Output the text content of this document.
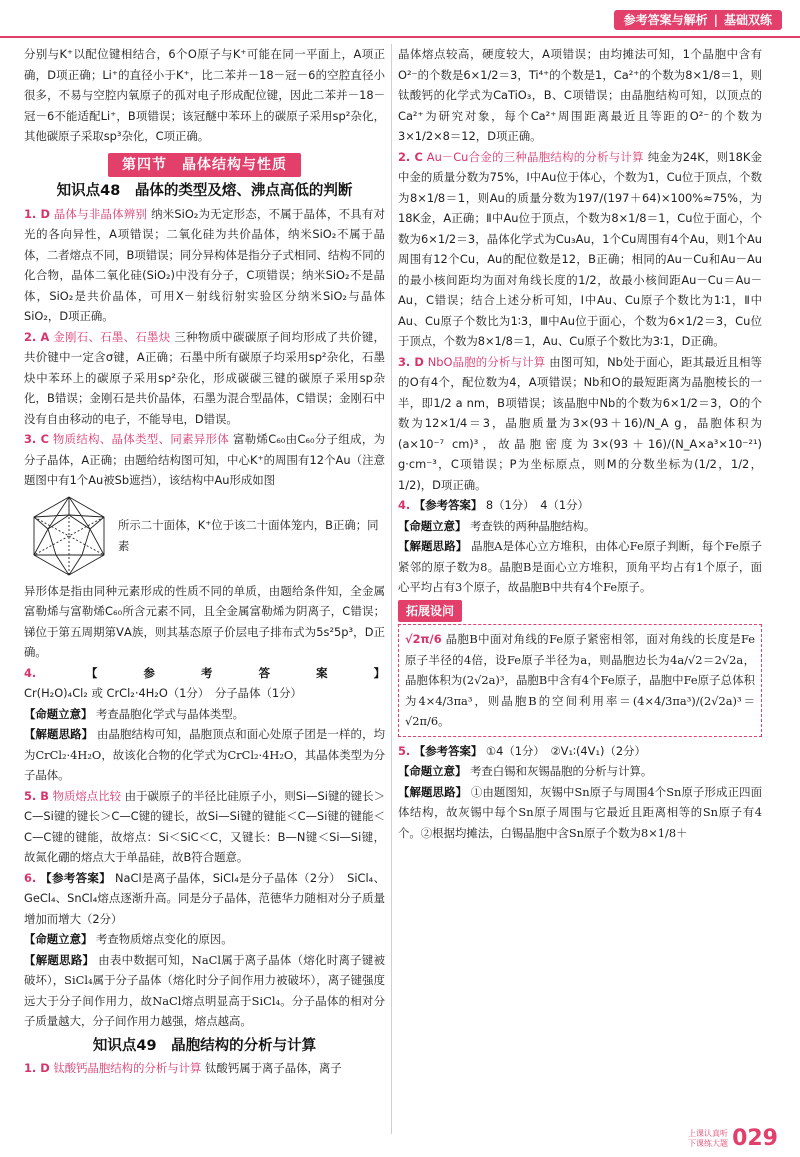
参考答案与解析 | 基础双练

分别与K⁺以配位键相结合，6个O原子与K⁺可能在同一平面上，A项正确，D项正确；Li⁺的直径小于K⁺，比二苯并－18－冠－6的空腔直径小很多，不易与空腔内氧原子的孤对电子形成配位键，因此二苯并－18－冠－6不能适配Li⁺，B项错误；该冠醚中苯环上的碳原子采用sp²杂化，其他碳原子采取sp³杂化，C项正确。

第四节　晶体结构与性质
知识点48　晶体的类型及熔、沸点高低的判断

1. D 晶体与非晶体辨别 纳米SiO₂为无定形态，不属于晶体，不具有对光的各向异性，A项错误；二氧化硅为共价晶体，纳米SiO₂不属于晶体，二者熔点不同，B项错误；同分异构体是指分子式相同、结构不同的化合物，晶体二氧化硅(SiO₂)中没有分子，C项错误；纳米SiO₂不是晶体，SiO₂是共价晶体，可用X－射线衍射实验区分纳米SiO₂与晶体SiO₂，D项正确。

2. A 金刚石、石墨、石墨炔 三种物质中碳碳原子间均形成了共价键，共价键中一定含σ键，A正确；石墨中所有碳原子均采用sp²杂化，石墨炔中苯环上的碳原子采用sp²杂化，形成碳碳三键的碳原子采用sp杂化，B错误；金刚石是共价晶体，石墨为混合型晶体，C错误；金刚石中没有自由移动的电子，不能导电，D错误。

3. C 物质结构、晶体类型、同素异形体 富勒烯C₆₀由C₆₀分子组成，为分子晶体，A正确；由题给结构图可知，中心K⁺的周围有12个Au（注意题图中有1个Au被Sb遮挡），该结构中Au形成如图

所示二十面体，K⁺位于该二十面体笼内，B正确；同素

异形体是指由同种元素形成的性质不同的单质，由题给条件知，全金属富勒烯与富勒烯C₆₀所含元素不同，且全金属富勒烯为阴离子，C错误；锑位于第五周期第ⅤA族，则其基态原子价层电子排布式为5s²5p³，D正确。

4.	【参考答案】 Cr(H₂O)₄Cl₂ 或 CrCl₂·4H₂O（1分）　分子晶体（1分）

【命题立意】 考查晶胞化学式与晶体类型。

【解题思路】 由晶胞结构可知，晶胞顶点和面心处原子团是一样的，均为CrCl₂·4H₂O，故该化合物的化学式为CrCl₂·4H₂O，其晶体类型为分子晶体。

5. B 物质熔点比较 由于碳原子的半径比硅原子小，则Si—Si键的键长＞C—Si键的键长＞C—C键的键长，故Si—Si键的键能＜C—Si键的键能＜C—C键的键能，故熔点：Si＜SiC＜C，又键长：B—N键＜Si—Si键，故氮化硼的熔点大于单晶硅，故B符合题意。

6. 【参考答案】 NaCl是离子晶体，SiCl₄是分子晶体（2分）　SiCl₄、GeCl₄、SnCl₄熔点逐渐升高。同是分子晶体，范德华力随相对分子质量增加而增大（2分）

【命题立意】 考查物质熔点变化的原因。

【解题思路】 由表中数据可知，NaCl属于离子晶体（熔化时离子键被破坏），SiCl₄属于分子晶体（熔化时分子间作用力被破坏），离子键强度远大于分子间作用力，故NaCl熔点明显高于SiCl₄。分子晶体的相对分子质量越大，分子间作用力越强，熔点越高。

知识点49　晶胞结构的分析与计算

1. D 钛酸钙晶胞结构的分析与计算 钛酸钙属于离子晶体，离子

晶体熔点较高，硬度较大，A项错误；由均摊法可知，1个晶胞中含有O²⁻的个数是6×1/2＝3，Ti⁴⁺的个数是1，Ca²⁺的个数为8×1/8＝1，则钛酸钙的化学式为CaTiO₃，B、C项错误；由晶胞结构可知，以顶点的Ca²⁺为研究对象，每个Ca²⁺周围距离最近且等距的O²⁻的个数为3×1/2×8＝12，D项正确。

2. C Au－Cu合金的三种晶胞结构的分析与计算 纯金为24K，则18K金中金的质量分数为75%，Ⅰ中Au位于体心，个数为1，Cu位于顶点，个数为8×1/8＝1，则Au的质量分数为197/(197＋64)×100%≈75%，为18K金，A正确；Ⅱ中Au位于顶点，个数为8×1/8＝1，Cu位于面心，个数为6×1/2＝3，晶体化学式为Cu₃Au，1个Cu周围有4个Au，则1个Au周围有12个Cu，Au的配位数是12，B正确；相同的Au－Cu和Au－Au的最小核间距均为面对角线长度的1/2，故最小核间距Au－Cu＝Au－Au，C错误；结合上述分析可知，Ⅰ中Au、Cu原子个数比为1∶1，Ⅱ中Au、Cu原子个数比为1∶3，Ⅲ中Au位于面心，个数为6×1/2＝3，Cu位于顶点，个数为8×1/8＝1，Au、Cu原子个数比为3∶1，D正确。

3. D NbO晶胞的分析与计算 由图可知，Nb处于面心，距其最近且相等的O有4个，配位数为4，A项错误；Nb和O的最短距离为晶胞棱长的一半，即1/2 a nm，B项错误；该晶胞中Nb的个数为6×1/2＝3，O的个数为12×1/4＝3，晶胞质量为3×(93＋16)/N_A g，晶胞体积为(a×10⁻⁷ cm)³，故晶胞密度为3×(93＋16)/(N_A×a³×10⁻²¹) g·cm⁻³，C项错误；P为坐标原点，则M的分数坐标为(1/2，1/2，1/2)，D项正确。

4. 【参考答案】 8（1分）　4（1分）

【命题立意】 考查铁的两种晶胞结构。

【解题思路】 晶胞A是体心立方堆积，由体心Fe原子判断，每个Fe原子紧邻的原子数为8。晶胞B是面心立方堆积，顶角平均占有1个原子，面心平均占有3个原子，故晶胞B中共有4个Fe原子。

拓展设问

√2π/6 晶胞B中面对角线的Fe原子紧密相邻，面对角线的长度是Fe原子半径的4倍，设Fe原子半径为a，则晶胞边长为4a/√2＝2√2a，晶胞体积为(2√2a)³，晶胞B中含有4个Fe原子，晶胞中Fe原子总体积为4×4/3πa³，则晶胞B的空间利用率＝(4×4/3πa³)/(2√2a)³＝√2π/6。

5. 【参考答案】 ①4（1分）　②V₁∶(4V₁)（2分）

【命题立意】 考查白锡和灰锡晶胞的分析与计算。

【解题思路】 ①由题图知，灰锡中Sn原子与周围4个Sn原子形成正四面体结构，故灰锡中每个Sn原子周围与它最近且距离相等的Sn原子有4个。②根据均摊法，白锡晶胞中含Sn原子个数为8×1/8＋

上课认真听
下课练大题 029
